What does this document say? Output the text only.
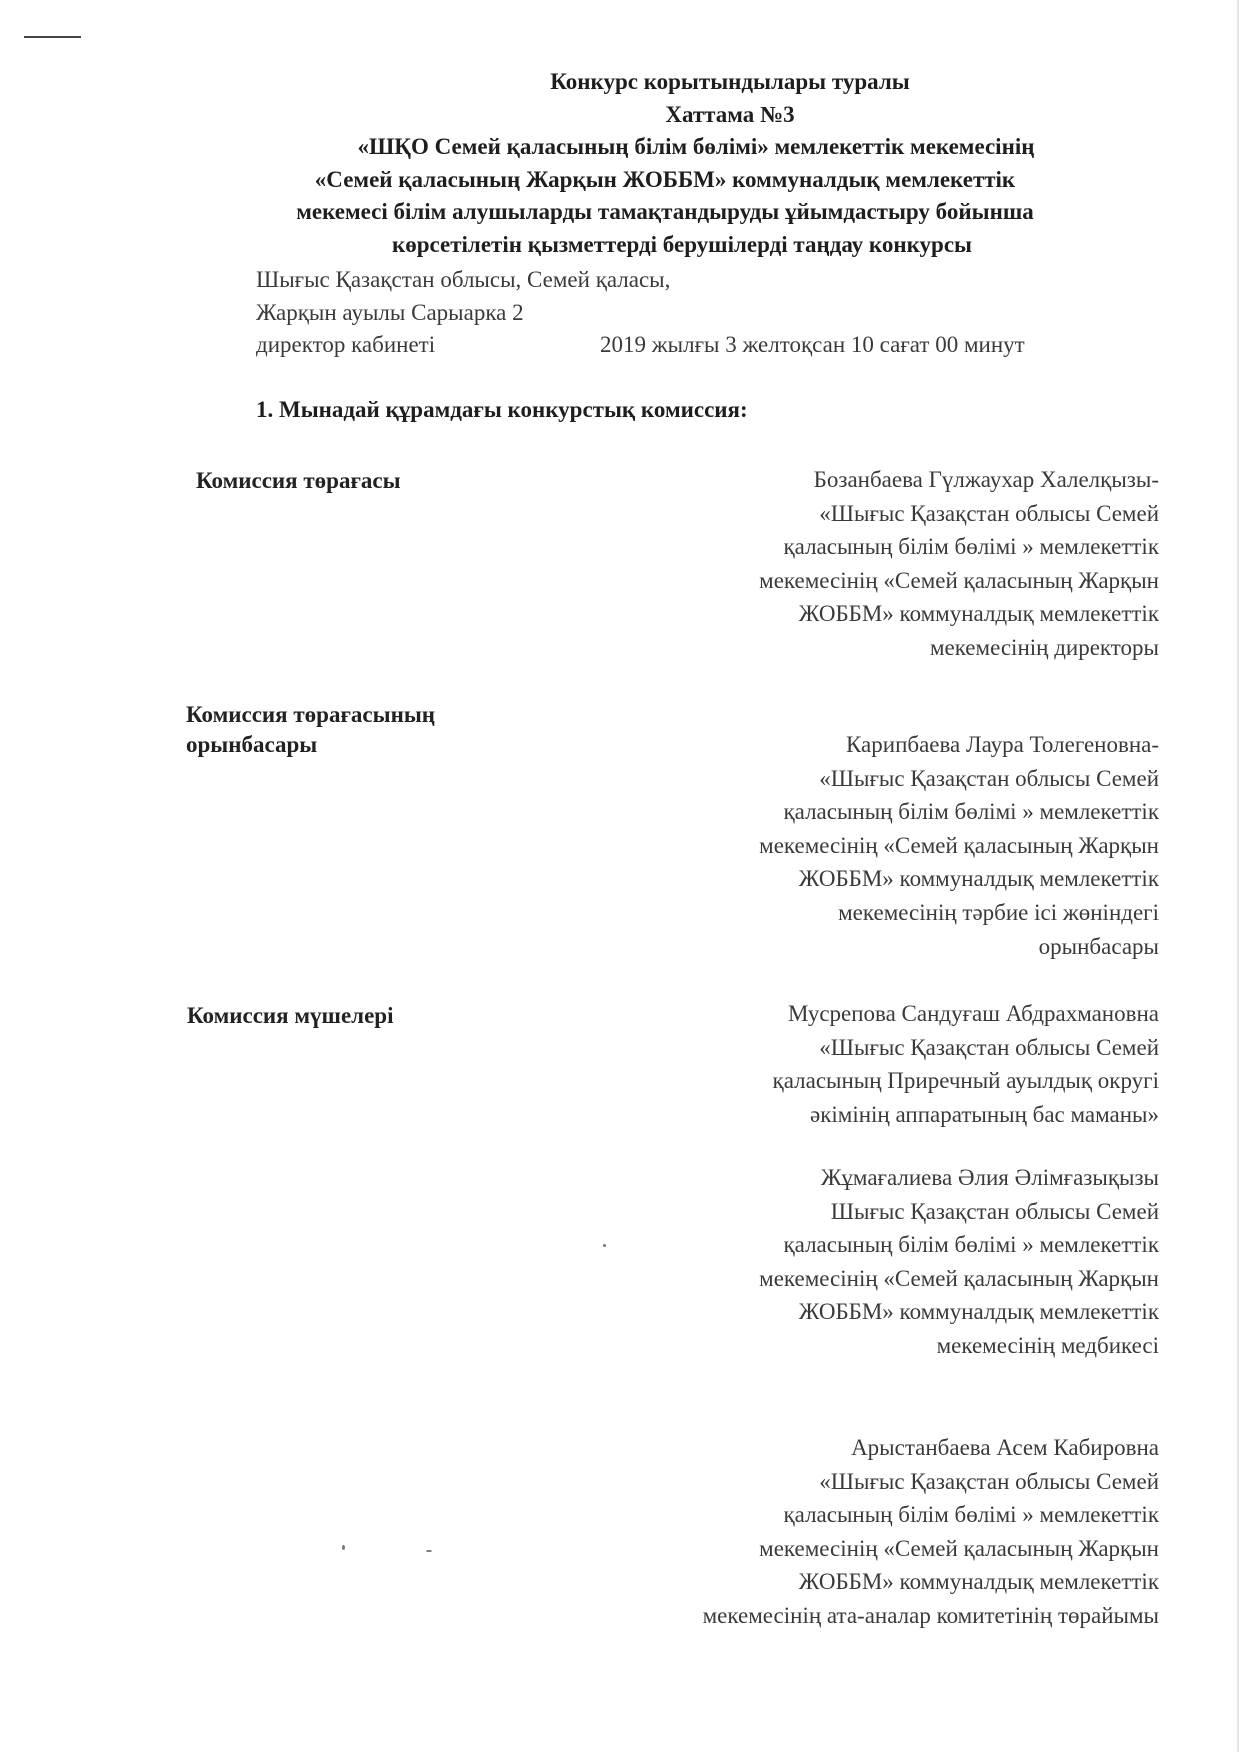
Конкурс корытындылары туралы
Хаттама №3
«ШҚО Семей қаласының білім бөлімі» мемлекеттік мекемесінің
«Семей қаласының Жарқын ЖОББМ» коммуналдық мемлекеттік
мекемесі білім алушыларды тамақтандыруды ұйымдастыру бойынша
көрсетілетін қызметтерді берушілерді таңдау конкурсы
Шығыс Қазақстан облысы, Семей қаласы,
Жарқын ауылы Сарыарка 2
директор кабинеті	2019 жылғы 3 желтоқсан 10 сағат 00 минут
1. Мынадай құрамдағы конкурстық комиссия:
Комиссия төрағасы
Комиссия төрағасының
орынбасары
Комиссия мүшелері
Бозанбаева Гүлжаухар Халелқызы-
«Шығыс Қазақстан облысы Семей
қаласының білім бөлімі » мемлекеттік
мекемесінің «Семей қаласының Жарқын
ЖОББМ» коммуналдық мемлекеттік
мекемесінің директоры
Карипбаева Лаура Толегеновна-
«Шығыс Қазақстан облысы Семей
қаласының білім бөлімі » мемлекеттік
мекемесінің «Семей қаласының Жарқын
ЖОББМ» коммуналдық мемлекеттік
мекемесінің тәрбие ісі жөніндегі
орынбасары
Мусрепова Сандуғаш Абдрахмановна
«Шығыс Қазақстан облысы Семей
қаласының Приречный ауылдық округі
әкімінің аппаратының бас маманы»
Жұмағалиева Әлия Әлімғазықызы
Шығыс Қазақстан облысы Семей
қаласының білім бөлімі » мемлекеттік
мекемесінің «Семей қаласының Жарқын
ЖОББМ» коммуналдық мемлекеттік
мекемесінің медбикесі
Арыстанбаева Асем Кабировна
«Шығыс Қазақстан облысы Семей
қаласының білім бөлімі » мемлекеттік
мекемесінің «Семей қаласының Жарқын
ЖОББМ» коммуналдық мемлекеттік
мекемесінің ата-аналар комитетінің төрайымы
